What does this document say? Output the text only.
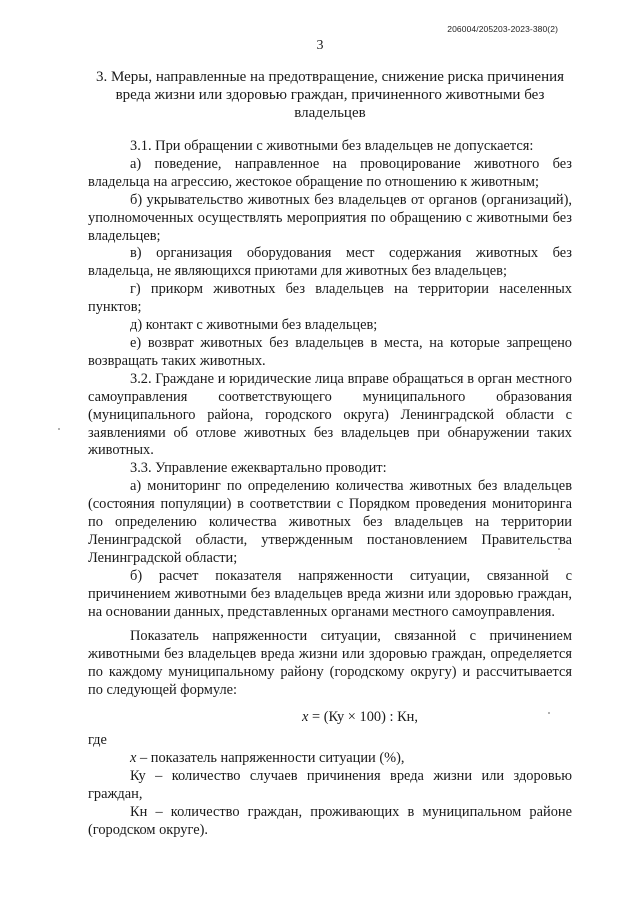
206004/205203-2023-380(2)
3
3. Меры, направленные на предотвращение, снижение риска причинения вреда жизни или здоровью граждан, причиненного животными без владельцев

3.1. При обращении с животными без владельцев не допускается:

а) поведение, направленное на провоцирование животного без владельца на агрессию, жестокое обращение по отношению к животным;

б) укрывательство животных без владельцев от органов (организаций), уполномоченных осуществлять мероприятия по обращению с животными без владельцев;

в) организация оборудования мест содержания животных без владельца, не являющихся приютами для животных без владельцев;

г) прикорм животных без владельцев на территории населенных пунктов;

д) контакт с животными без владельцев;

е) возврат животных без владельцев в места, на которые запрещено возвращать таких животных.

3.2. Граждане и юридические лица вправе обращаться в орган местного самоуправления соответствующего муниципального образования (муниципального района, городского округа) Ленинградской области с заявлениями об отлове животных без владельцев при обнаружении таких животных.

3.3. Управление ежеквартально проводит:

а) мониторинг по определению количества животных без владельцев (состояния популяции) в соответствии с Порядком проведения мониторинга по определению количества животных без владельцев на территории Ленинградской области, утвержденным постановлением Правительства Ленинградской области;

б) расчет показателя напряженности ситуации, связанной с причинением животными без владельцев вреда жизни или здоровью граждан, на основании данных, представленных органами местного самоуправления.

Показатель напряженности ситуации, связанной с причинением животными без владельцев вреда жизни или здоровью граждан, определяется по каждому муниципальному району (городскому округу) и рассчитывается по следующей формуле:

x = (Ку × 100) : Кн,

где

x – показатель напряженности ситуации (%),

Ку – количество случаев причинения вреда жизни или здоровью граждан,

Кн – количество граждан, проживающих в муниципальном районе (городском округе).
